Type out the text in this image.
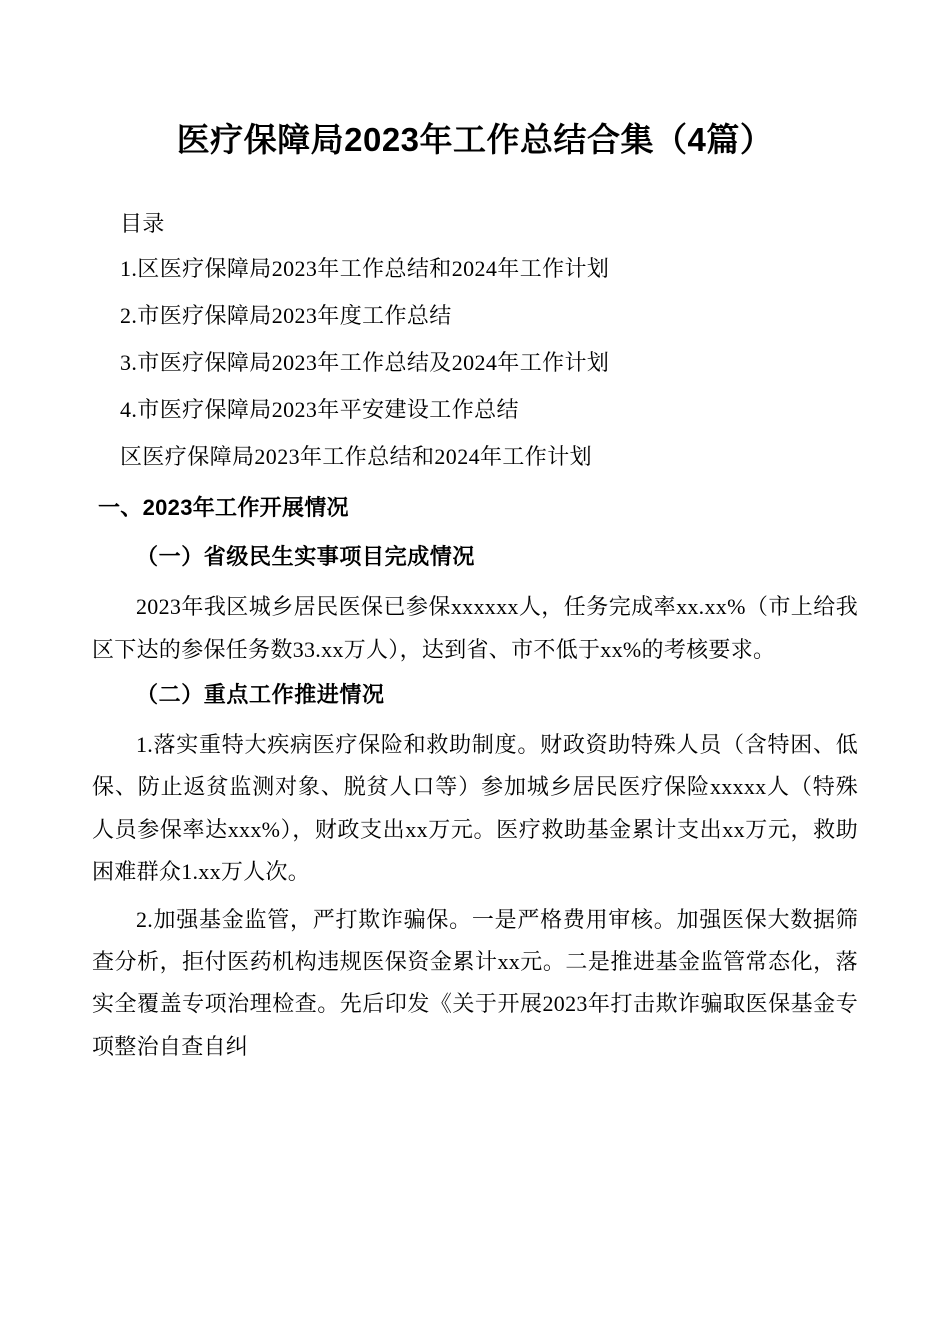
医疗保障局2023年工作总结合集（4篇）
目录
1.区医疗保障局2023年工作总结和2024年工作计划
2.市医疗保障局2023年度工作总结
3.市医疗保障局2023年工作总结及2024年工作计划
4.市医疗保障局2023年平安建设工作总结
区医疗保障局2023年工作总结和2024年工作计划
一、2023年工作开展情况
（一）省级民生实事项目完成情况

2023年我区城乡居民医保已参保xxxxxx人，任务完成率xx.xx%（市上给我区下达的参保任务数33.xx万人），达到省、市不低于xx%的考核要求。

（二）重点工作推进情况

1.落实重特大疾病医疗保险和救助制度。财政资助特殊人员（含特困、低保、防止返贫监测对象、脱贫人口等）参加城乡居民医疗保险xxxxx人（特殊人员参保率达xxx%），财政支出xx万元。医疗救助基金累计支出xx万元，救助困难群众1.xx万人次。

2.加强基金监管，严打欺诈骗保。一是严格费用审核。加强医保大数据筛查分析，拒付医药机构违规医保资金累计xx元。二是推进基金监管常态化，落实全覆盖专项治理检查。先后印发《关于开展2023年打击欺诈骗取医保基金专项整治自查自纠
